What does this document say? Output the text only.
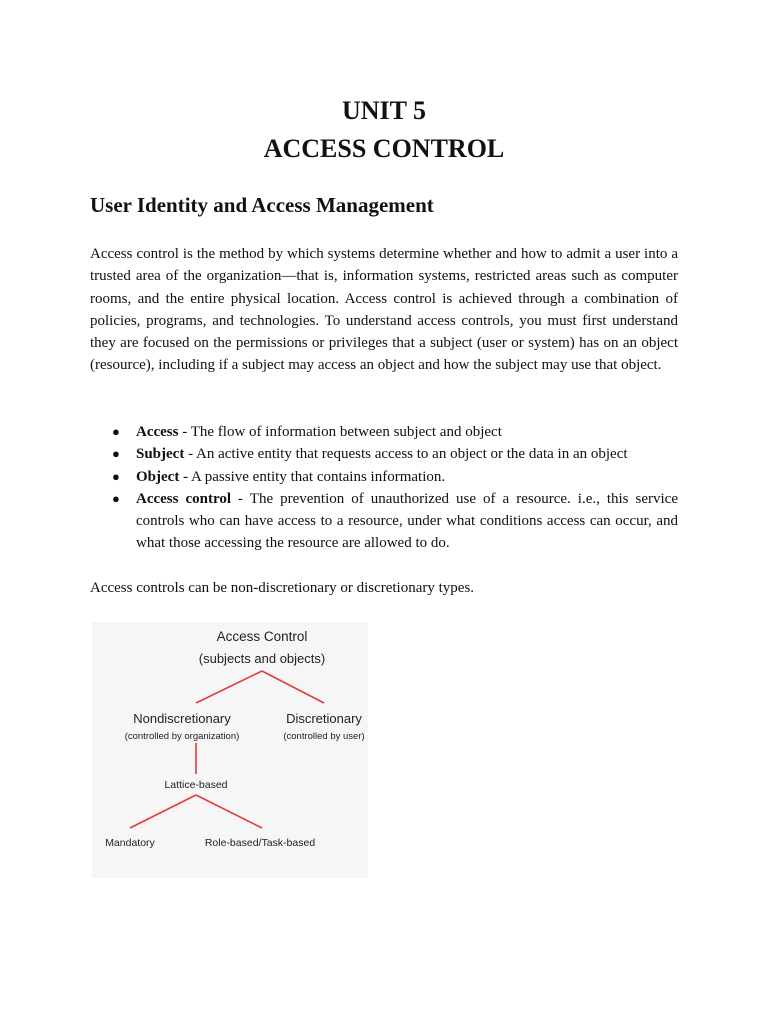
UNIT 5
ACCESS CONTROL
User Identity and Access Management

Access control is the method by which systems determine whether and how to admit a user into a trusted area of the organization—that is, information systems, restricted areas such as computer rooms, and the entire physical location. Access control is achieved through a combination of policies, programs, and technologies. To understand access controls, you must first understand they are focused on the permissions or privileges that a subject (user or system) has on an object (resource), including if a subject may access an object and how the subject may use that object.

● Access - The flow of information between subject and object
● Subject - An active entity that requests access to an object or the data in an object
● Object - A passive entity that contains information.
● Access control - The prevention of unauthorized use of a resource. i.e., this service controls who can have access to a resource, under what conditions access can occur, and what those accessing the resource are allowed to do.

Access controls can be non-discretionary or discretionary types.

Access Control
(subjects and objects)
Nondiscretionary
(controlled by organization)
Discretionary
(controlled by user)
Lattice-based
Mandatory	Role-based/Task-based
